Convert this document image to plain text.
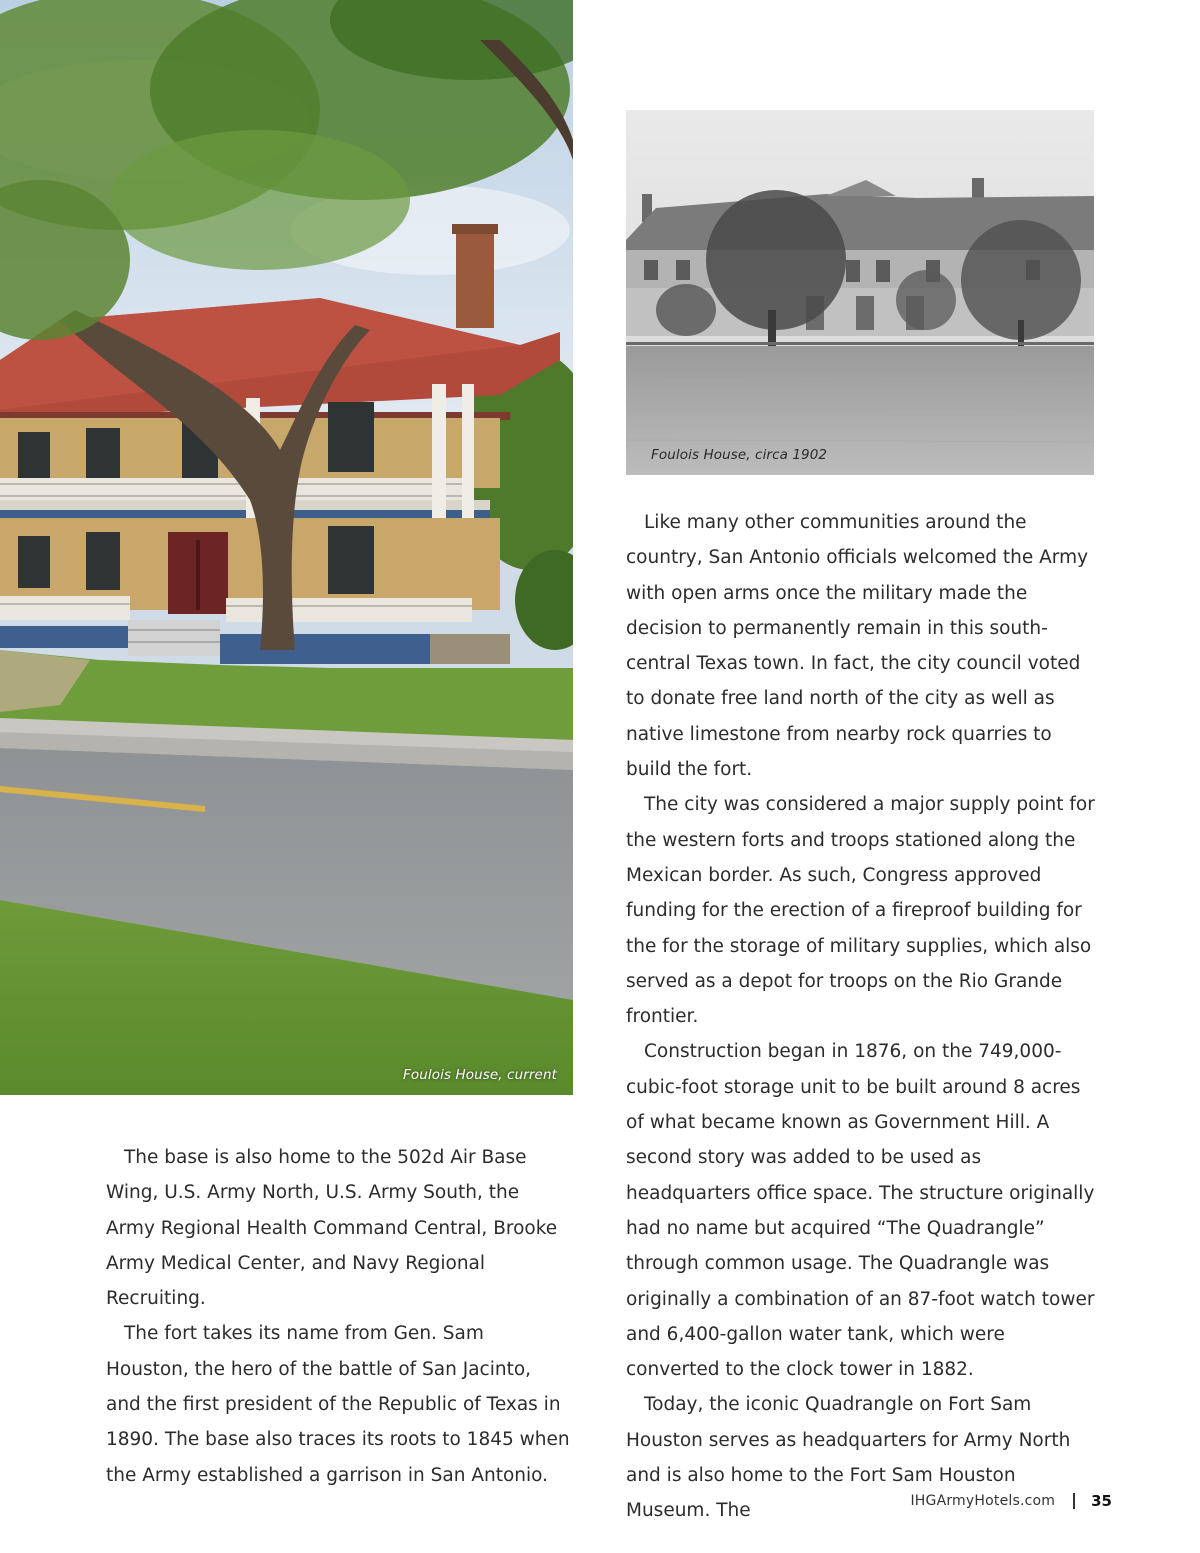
Foulois House, current
Foulois House, circa 1902

The base is also home to the 502d Air Base Wing, U.S. Army North, U.S. Army South, the Army Regional Health Command Central, Brooke Army Medical Center, and Navy Regional Recruiting.

The fort takes its name from Gen. Sam Houston, the hero of the battle of San Jacinto, and the first president of the Republic of Texas in 1890. The base also traces its roots to 1845 when the Army established a garrison in San Antonio.

Like many other communities around the country, San Antonio officials welcomed the Army with open arms once the military made the decision to permanently remain in this south-central Texas town. In fact, the city council voted to donate free land north of the city as well as native limestone from nearby rock quarries to build the fort.

The city was considered a major supply point for the western forts and troops stationed along the Mexican border. As such, Congress approved funding for the erection of a fireproof building for the for the storage of military supplies, which also served as a depot for troops on the Rio Grande frontier.

Construction began in 1876, on the 749,000-cubic-foot storage unit to be built around 8 acres of what became known as Government Hill. A second story was added to be used as headquarters office space. The structure originally had no name but acquired “The Quadrangle” through common usage. The Quadrangle was originally a combination of an 87-foot watch tower and 6,400-gallon water tank, which were converted to the clock tower in 1882.

Today, the iconic Quadrangle on Fort Sam Houston serves as headquarters for Army North and is also home to the Fort Sam Houston Museum. The	IHGArmyHotels.com 35
